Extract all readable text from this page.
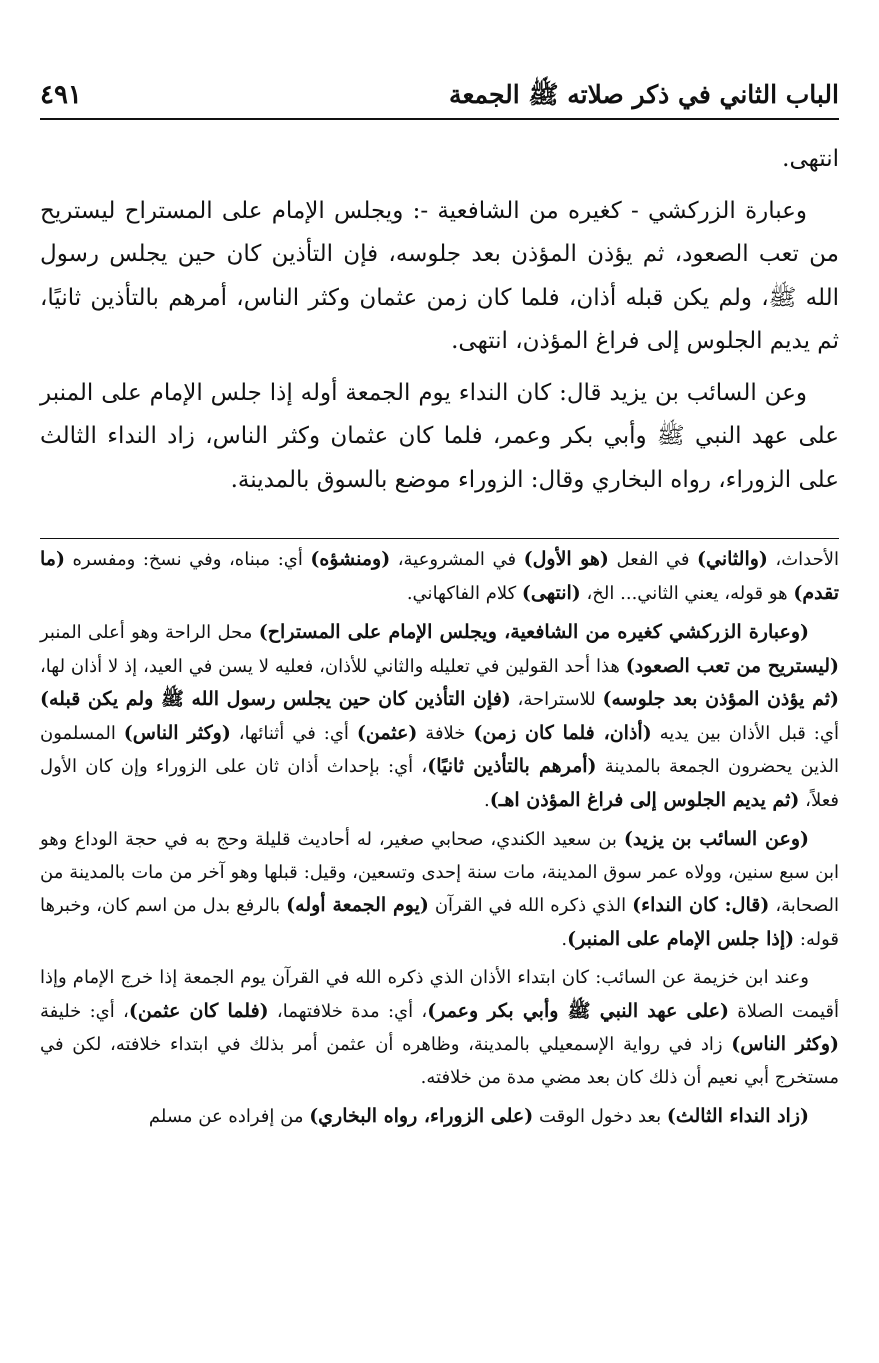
الباب الثاني في ذكر صلاته ﷺ الجمعة
٤٩١

انتهى.

وعبارة الزركشي - كغيره من الشافعية -: ويجلس الإمام على المستراح ليستريح من تعب الصعود، ثم يؤذن المؤذن بعد جلوسه، فإن التأذين كان حين يجلس رسول الله ﷺ، ولم يكن قبله أذان، فلما كان زمن عثمان وكثر الناس، أمرهم بالتأذين ثانيًا، ثم يديم الجلوس إلى فراغ المؤذن، انتهى.

وعن السائب بن يزيد قال: كان النداء يوم الجمعة أوله إذا جلس الإمام على المنبر على عهد النبي ﷺ وأبي بكر وعمر، فلما كان عثمان وكثر الناس، زاد النداء الثالث على الزوراء، رواه البخاري وقال: الزوراء موضع بالسوق بالمدينة.

الأحداث، (والثاني) في الفعل (هو الأول) في المشروعية، (ومنشؤه) أي: مبناه، وفي نسخ: ومفسره (ما تقدم) هو قوله، يعني الثاني... الخ، (انتهى) كلام الفاكهاني.

(وعبارة الزركشي كغيره من الشافعية، ويجلس الإمام على المستراح) محل الراحة وهو أعلى المنبر (ليستريح من تعب الصعود) هذا أحد القولين في تعليله والثاني للأذان، فعليه لا يسن في العيد، إذ لا أذان لها، (ثم يؤذن المؤذن بعد جلوسه) للاستراحة، (فإن التأذين كان حين يجلس رسول الله ﷺ ولم يكن قبله) أي: قبل الأذان بين يديه (أذان، فلما كان زمن) خلافة (عثمن) أي: في أثنائها، (وكثر الناس) المسلمون الذين يحضرون الجمعة بالمدينة (أمرهم بالتأذين ثانيًا)، أي: بإحداث أذان ثان على الزوراء وإن كان الأول فعلاً، (ثم يديم الجلوس إلى فراغ المؤذن اهـ).

(وعن السائب بن يزيد) بن سعيد الكندي، صحابي صغير، له أحاديث قليلة وحج به في حجة الوداع وهو ابن سبع سنين، وولاه عمر سوق المدينة، مات سنة إحدى وتسعين، وقيل: قبلها وهو آخر من مات بالمدينة من الصحابة، (قال: كان النداء) الذي ذكره الله في القرآن (يوم الجمعة أوله) بالرفع بدل من اسم كان، وخبرها قوله: (إذا جلس الإمام على المنبر).

وعند ابن خزيمة عن السائب: كان ابتداء الأذان الذي ذكره الله في القرآن يوم الجمعة إذا خرج الإمام وإذا أقيمت الصلاة (على عهد النبي ﷺ وأبي بكر وعمر)، أي: مدة خلافتهما، (فلما كان عثمن)، أي: خليفة (وكثر الناس) زاد في رواية الإسمعيلي بالمدينة، وظاهره أن عثمن أمر بذلك في ابتداء خلافته، لكن في مستخرج أبي نعيم أن ذلك كان بعد مضي مدة من خلافته.

(زاد النداء الثالث) بعد دخول الوقت (على الزوراء، رواه البخاري) من إفراده عن مسلم
